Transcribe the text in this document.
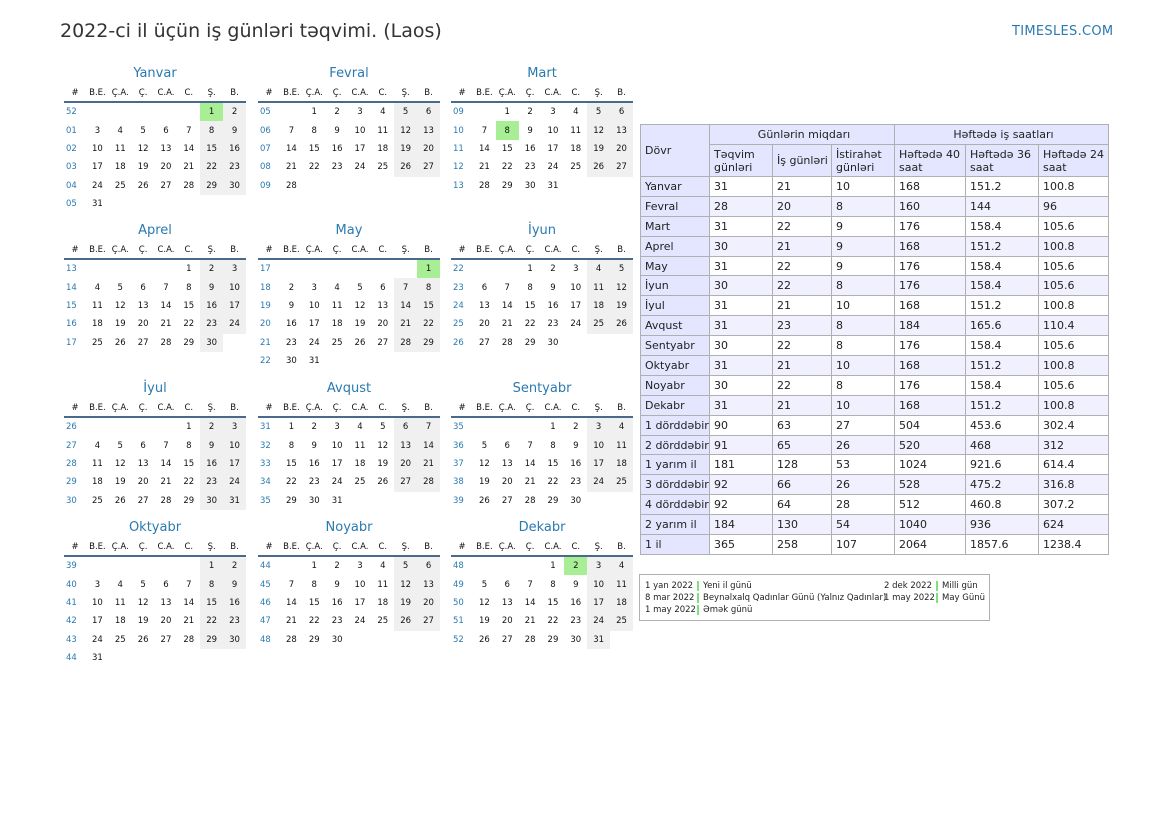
2022-ci il üçün iş günləri təqvimi. (Laos)	TIMESLES.COM
Yanvar
#	B.E.	Ç.A.	Ç.	C.A.	C.	Ş.	B.
52						1	2
01	3	4	5	6	7	8	9
02	10	11	12	13	14	15	16
03	17	18	19	20	21	22	23
04	24	25	26	27	28	29	30
05	31						
Fevral
#	B.E.	Ç.A.	Ç.	C.A.	C.	Ş.	B.
05		1	2	3	4	5	6
06	7	8	9	10	11	12	13
07	14	15	16	17	18	19	20
08	21	22	23	24	25	26	27
09	28						
Mart
#	B.E.	Ç.A.	Ç.	C.A.	C.	Ş.	B.
09		1	2	3	4	5	6
10	7	8	9	10	11	12	13
11	14	15	16	17	18	19	20
12	21	22	23	24	25	26	27
13	28	29	30	31			
Aprel
#	B.E.	Ç.A.	Ç.	C.A.	C.	Ş.	B.
13					1	2	3
14	4	5	6	7	8	9	10
15	11	12	13	14	15	16	17
16	18	19	20	21	22	23	24
17	25	26	27	28	29	30	
May
#	B.E.	Ç.A.	Ç.	C.A.	C.	Ş.	B.
17							1
18	2	3	4	5	6	7	8
19	9	10	11	12	13	14	15
20	16	17	18	19	20	21	22
21	23	24	25	26	27	28	29
22	30	31					
İyun
#	B.E.	Ç.A.	Ç.	C.A.	C.	Ş.	B.
22			1	2	3	4	5
23	6	7	8	9	10	11	12
24	13	14	15	16	17	18	19
25	20	21	22	23	24	25	26
26	27	28	29	30			
İyul
#	B.E.	Ç.A.	Ç.	C.A.	C.	Ş.	B.
26					1	2	3
27	4	5	6	7	8	9	10
28	11	12	13	14	15	16	17
29	18	19	20	21	22	23	24
30	25	26	27	28	29	30	31
Avqust
#	B.E.	Ç.A.	Ç.	C.A.	C.	Ş.	B.
31	1	2	3	4	5	6	7
32	8	9	10	11	12	13	14
33	15	16	17	18	19	20	21
34	22	23	24	25	26	27	28
35	29	30	31				
Sentyabr
#	B.E.	Ç.A.	Ç.	C.A.	C.	Ş.	B.
35				1	2	3	4
36	5	6	7	8	9	10	11
37	12	13	14	15	16	17	18
38	19	20	21	22	23	24	25
39	26	27	28	29	30		
Oktyabr
#	B.E.	Ç.A.	Ç.	C.A.	C.	Ş.	B.
39						1	2
40	3	4	5	6	7	8	9
41	10	11	12	13	14	15	16
42	17	18	19	20	21	22	23
43	24	25	26	27	28	29	30
44	31						
Noyabr
#	B.E.	Ç.A.	Ç.	C.A.	C.	Ş.	B.
44		1	2	3	4	5	6
45	7	8	9	10	11	12	13
46	14	15	16	17	18	19	20
47	21	22	23	24	25	26	27
48	28	29	30				
Dekabr
#	B.E.	Ç.A.	Ç.	C.A.	C.	Ş.	B.
48				1	2	3	4
49	5	6	7	8	9	10	11
50	12	13	14	15	16	17	18
51	19	20	21	22	23	24	25
52	26	27	28	29	30	31	
Dövr	Günlərin miqdarı			Həftədə iş saatları		
	Təqvim günləri	İş günləri	İstirahət günləri	Həftədə 40 saat	Həftədə 36 saat	Həftədə 24 saat
Yanvar	31	21	10	168	151.2	100.8
Fevral	28	20	8	160	144	96
Mart	31	22	9	176	158.4	105.6
Aprel	30	21	9	168	151.2	100.8
May	31	22	9	176	158.4	105.6
İyun	30	22	8	176	158.4	105.6
İyul	31	21	10	168	151.2	100.8
Avqust	31	23	8	184	165.6	110.4
Sentyabr	30	22	8	176	158.4	105.6
Oktyabr	31	21	10	168	151.2	100.8
Noyabr	30	22	8	176	158.4	105.6
Dekabr	31	21	10	168	151.2	100.8
1 dörddəbir	90	63	27	504	453.6	302.4
2 dörddəbir	91	65	26	520	468	312
1 yarım il	181	128	53	1024	921.6	614.4
3 dörddəbir	92	66	26	528	475.2	316.8
4 dörddəbir	92	64	28	512	460.8	307.2
2 yarım il	184	130	54	1040	936	624
1 il	365	258	107	2064	1857.6	1238.4
1 yan 2022 Yeni il günü
8 mar 2022 Beynəlxalq Qadınlar Günü (Yalnız Qadınlar)
1 may 2022 Əmək günü
2 dek 2022 Milli gün
1 may 2022 May Günü
